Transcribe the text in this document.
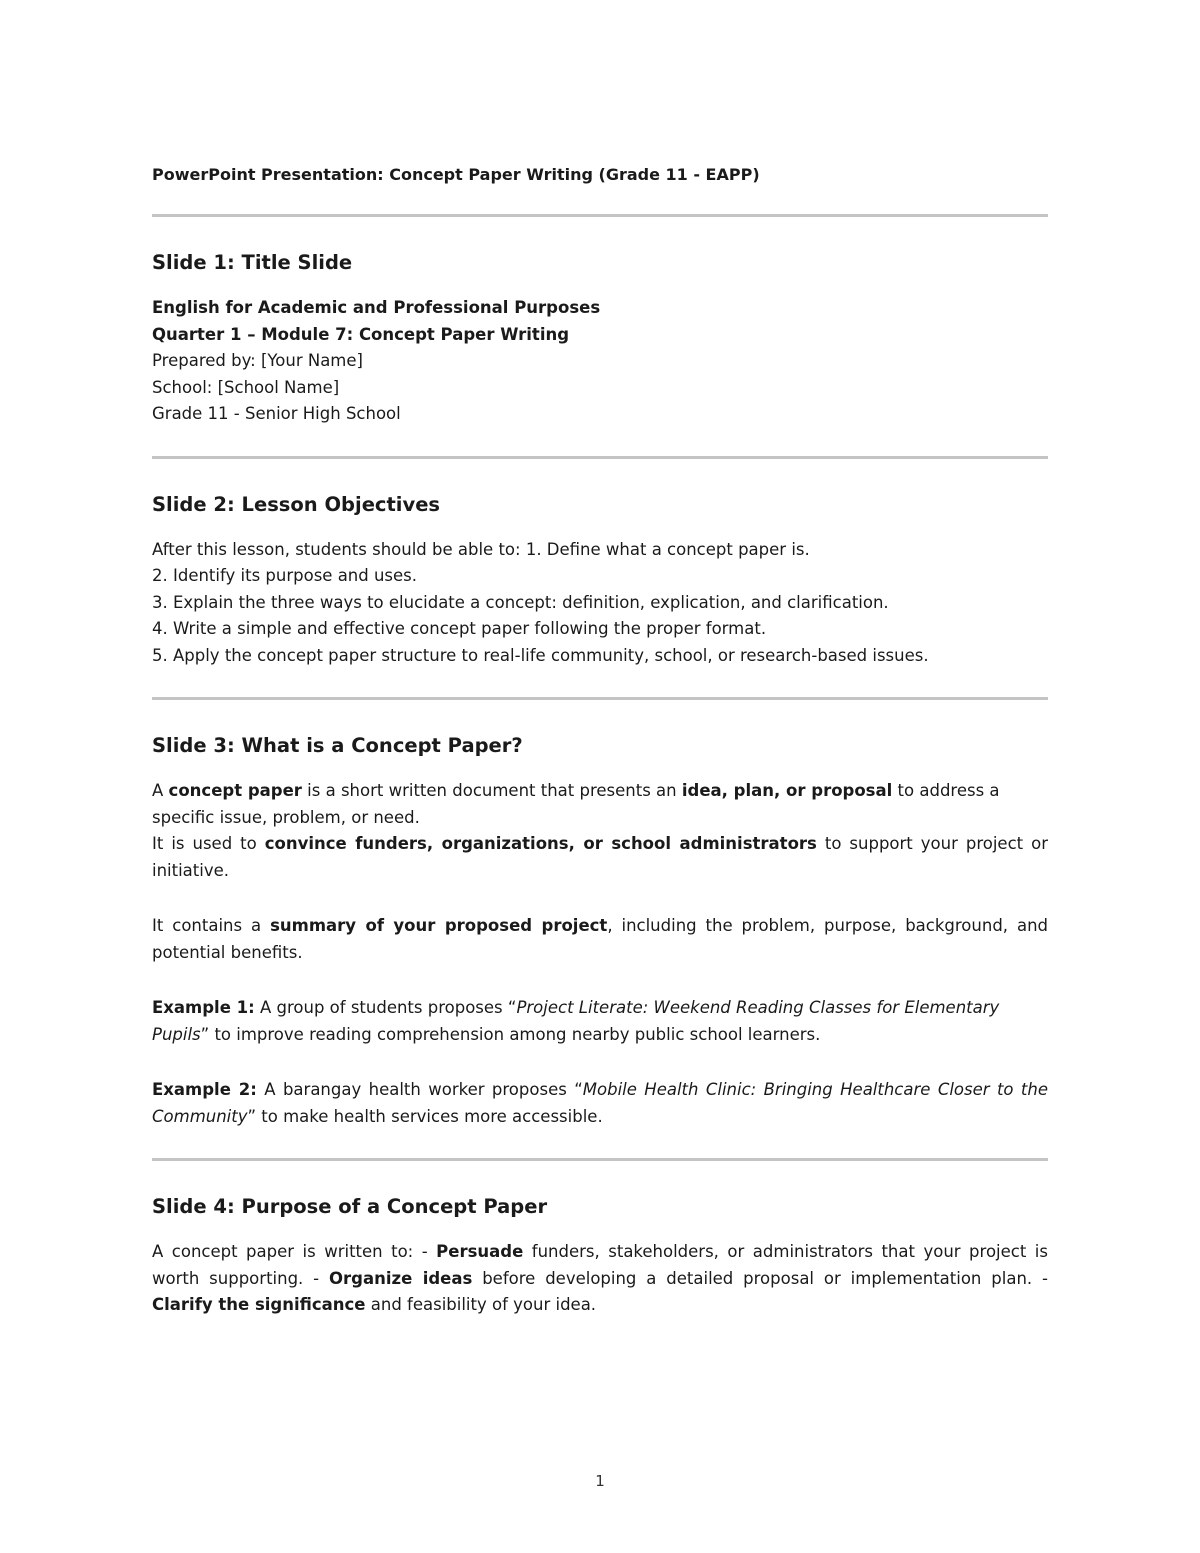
PowerPoint Presentation: Concept Paper Writing (Grade 11 - EAPP)

Slide 1: Title Slide

English for Academic and Professional Purposes

Quarter 1 – Module 7: Concept Paper Writing

Prepared by: [Your Name]

School: [School Name]

Grade 11 - Senior High School

Slide 2: Lesson Objectives

After this lesson, students should be able to: 1. Define what a concept paper is.

2. Identify its purpose and uses.

3. Explain the three ways to elucidate a concept: definition, explication, and clarification.

4. Write a simple and effective concept paper following the proper format.

5. Apply the concept paper structure to real-life community, school, or research-based issues.

Slide 3: What is a Concept Paper?

A concept paper is a short written document that presents an idea, plan, or proposal to address a specific issue, problem, or need.

It is used to convince funders, organizations, or school administrators to support your project or initiative.

It contains a summary of your proposed project, including the problem, purpose, background, and potential benefits.

Example 1: A group of students proposes “Project Literate: Weekend Reading Classes for Elementary Pupils” to improve reading comprehension among nearby public school learners.

Example 2: A barangay health worker proposes “Mobile Health Clinic: Bringing Healthcare Closer to the Community” to make health services more accessible.

Slide 4: Purpose of a Concept Paper

A concept paper is written to: - Persuade funders, stakeholders, or administrators that your project is worth supporting. - Organize ideas before developing a detailed proposal or implementation plan. - Clarify the significance and feasibility of your idea.

1
